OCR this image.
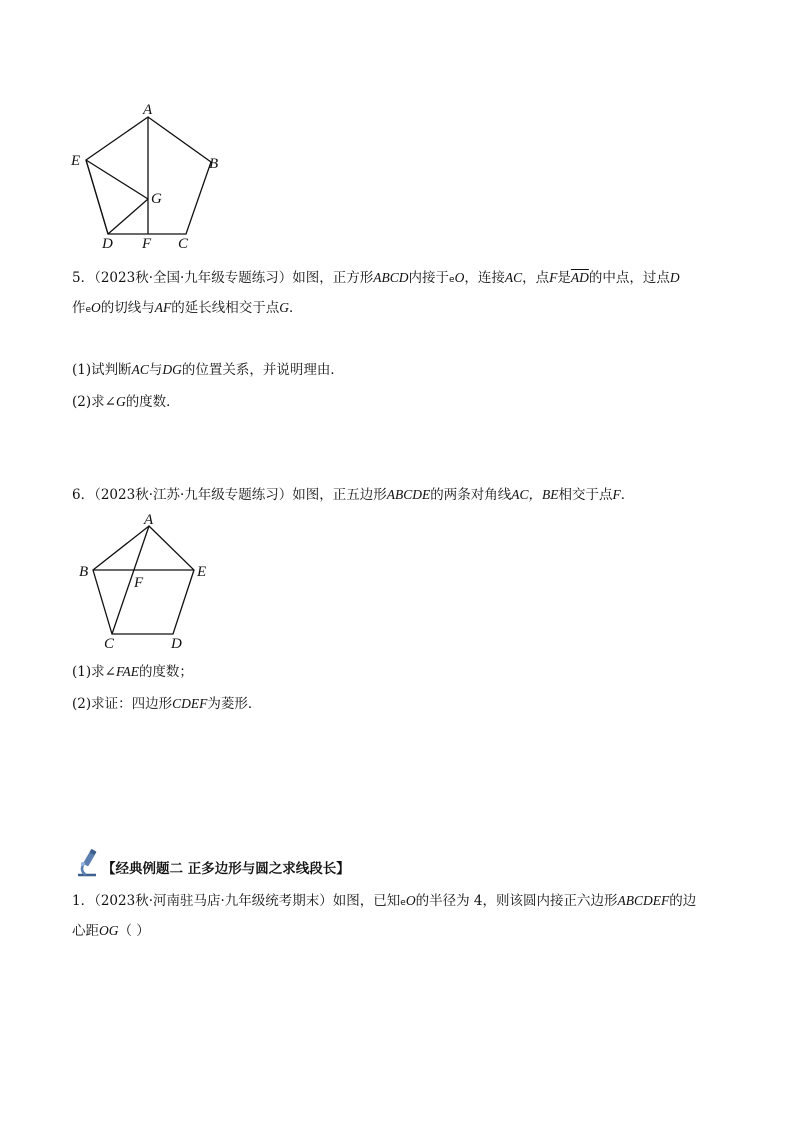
A
B
C
D
E
F
G
5．（2023秋·全国·九年级专题练习）如图，正方形ABCD内接于eO，连接AC，点F是$\overline{AD}$的中点，过点D
作eO的切线与AF的延长线相交于点G．
(1)试判断AC与DG的位置关系，并说明理由．
(2)求∠G的度数．
6．（2023秋·江苏·九年级专题练习）如图，正五边形ABCDE的两条对角线AC，BE相交于点F．
A
B
C	D
E
F
(1)求∠FAE的度数；
(2)求证：四边形CDEF为菱形．
【经典例题二 正多边形与圆之求线段长】
1．（2023秋·河南驻马店·九年级统考期末）如图，已知eO的半径为 4，则该圆内接正六边形ABCDEF的边
心距OG（ ）
